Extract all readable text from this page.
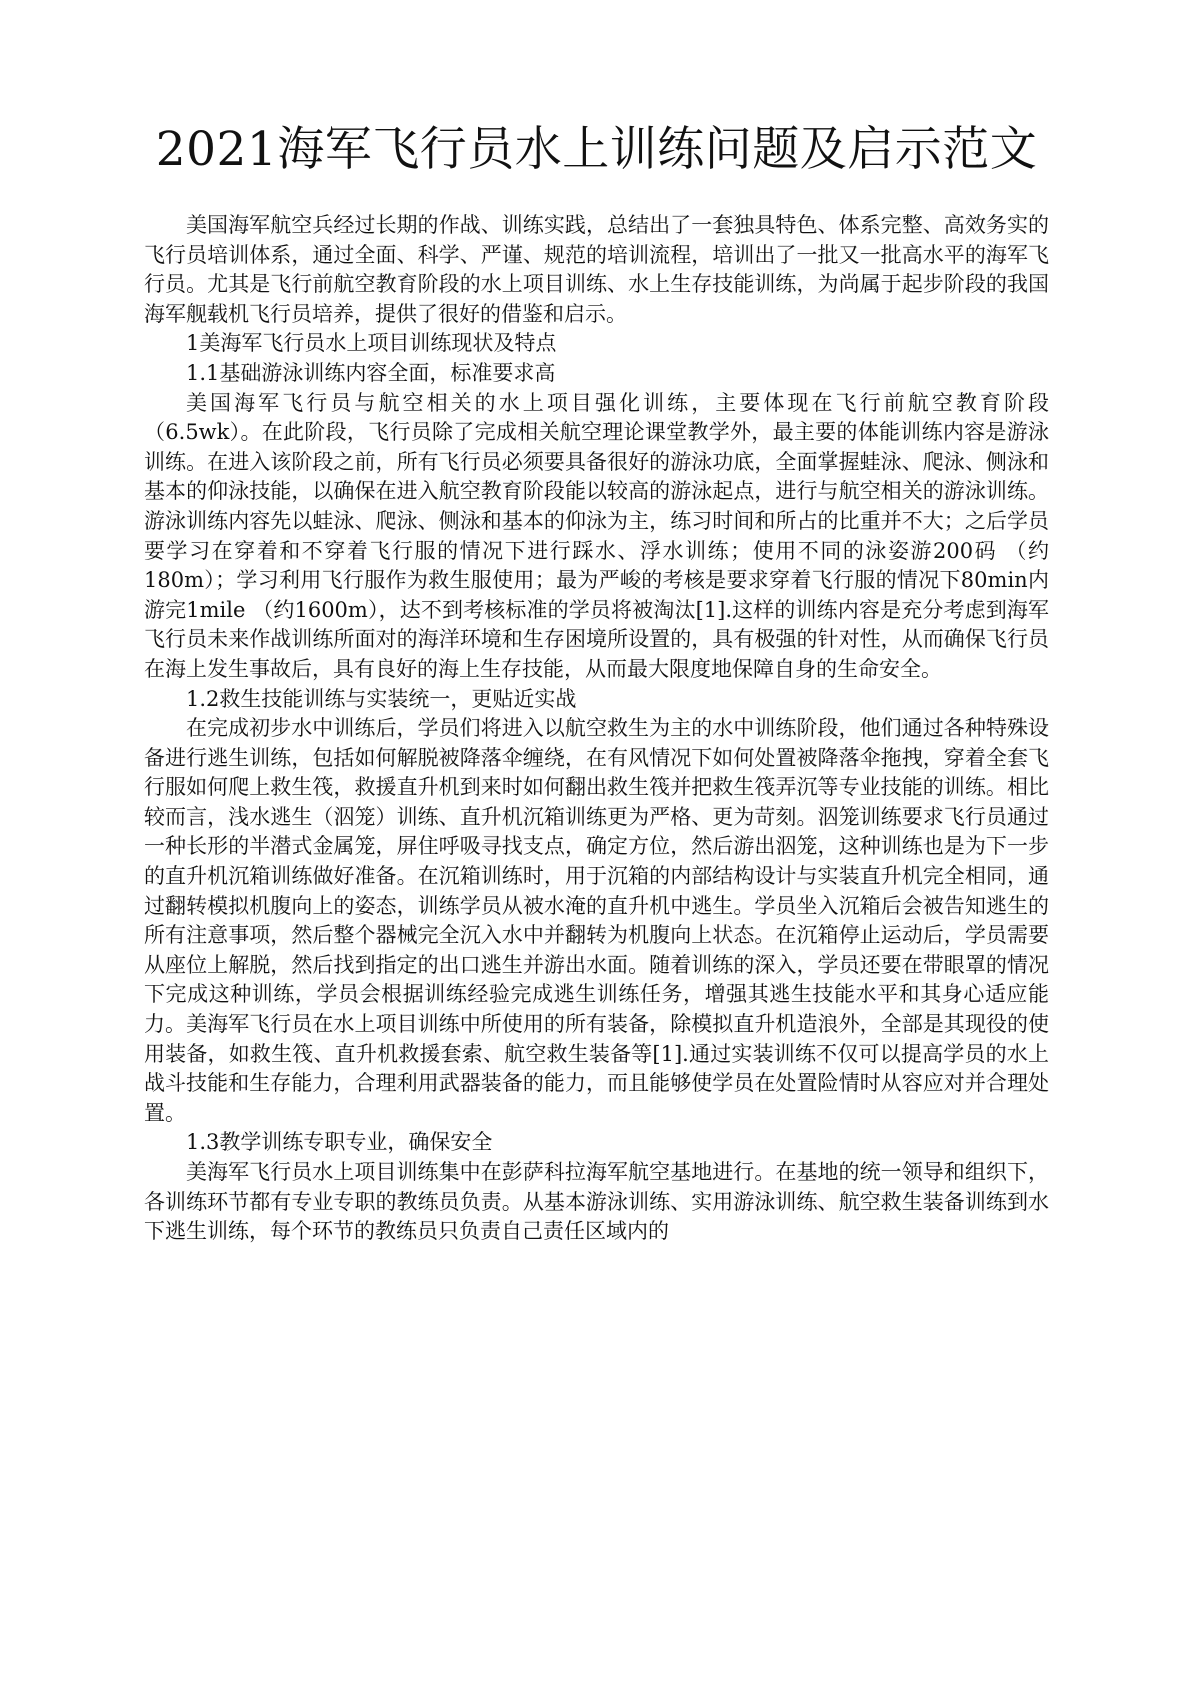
2021海军飞行员水上训练问题及启示范文

美国海军航空兵经过长期的作战、训练实践，总结出了一套独具特色、体系完整、高效务实的飞行员培训体系，通过全面、科学、严谨、规范的培训流程，培训出了一批又一批高水平的海军飞行员。尤其是飞行前航空教育阶段的水上项目训练、水上生存技能训练，为尚属于起步阶段的我国海军舰载机飞行员培养，提供了很好的借鉴和启示。

1美海军飞行员水上项目训练现状及特点

1.1基础游泳训练内容全面，标准要求高

美国海军飞行员与航空相关的水上项目强化训练，主要体现在飞行前航空教育阶段（6.5wk）。在此阶段，飞行员除了完成相关航空理论课堂教学外，最主要的体能训练内容是游泳训练。在进入该阶段之前，所有飞行员必须要具备很好的游泳功底，全面掌握蛙泳、爬泳、侧泳和基本的仰泳技能，以确保在进入航空教育阶段能以较高的游泳起点，进行与航空相关的游泳训练。游泳训练内容先以蛙泳、爬泳、侧泳和基本的仰泳为主，练习时间和所占的比重并不大；之后学员要学习在穿着和不穿着飞行服的情况下进行踩水、浮水训练；使用不同的泳姿游200码 （约180m）；学习利用飞行服作为救生服使用；最为严峻的考核是要求穿着飞行服的情况下80min内游完1mile （约1600m），达不到考核标准的学员将被淘汰[1].这样的训练内容是充分考虑到海军飞行员未来作战训练所面对的海洋环境和生存困境所设置的，具有极强的针对性，从而确保飞行员在海上发生事故后，具有良好的海上生存技能，从而最大限度地保障自身的生命安全。

1.2救生技能训练与实装统一，更贴近实战

在完成初步水中训练后，学员们将进入以航空救生为主的水中训练阶段，他们通过各种特殊设备进行逃生训练，包括如何解脱被降落伞缠绕，在有风情况下如何处置被降落伞拖拽，穿着全套飞行服如何爬上救生筏，救援直升机到来时如何翻出救生筏并把救生筏弄沉等专业技能的训练。相比较而言，浅水逃生（泅笼）训练、直升机沉箱训练更为严格、更为苛刻。泅笼训练要求飞行员通过一种长形的半潜式金属笼，屏住呼吸寻找支点，确定方位，然后游出泅笼，这种训练也是为下一步的直升机沉箱训练做好准备。在沉箱训练时，用于沉箱的内部结构设计与实装直升机完全相同，通过翻转模拟机腹向上的姿态，训练学员从被水淹的直升机中逃生。学员坐入沉箱后会被告知逃生的所有注意事项，然后整个器械完全沉入水中并翻转为机腹向上状态。在沉箱停止运动后，学员需要从座位上解脱，然后找到指定的出口逃生并游出水面。随着训练的深入，学员还要在带眼罩的情况下完成这种训练，学员会根据训练经验完成逃生训练任务，增强其逃生技能水平和其身心适应能力。美海军飞行员在水上项目训练中所使用的所有装备，除模拟直升机造浪外，全部是其现役的使用装备，如救生筏、直升机救援套索、航空救生装备等[1].通过实装训练不仅可以提高学员的水上战斗技能和生存能力，合理利用武器装备的能力，而且能够使学员在处置险情时从容应对并合理处置。

1.3教学训练专职专业，确保安全

美海军飞行员水上项目训练集中在彭萨科拉海军航空基地进行。在基地的统一领导和组织下，各训练环节都有专业专职的教练员负责。从基本游泳训练、实用游泳训练、航空救生装备训练到水下逃生训练，每个环节的教练员只负责自己责任区域内的
